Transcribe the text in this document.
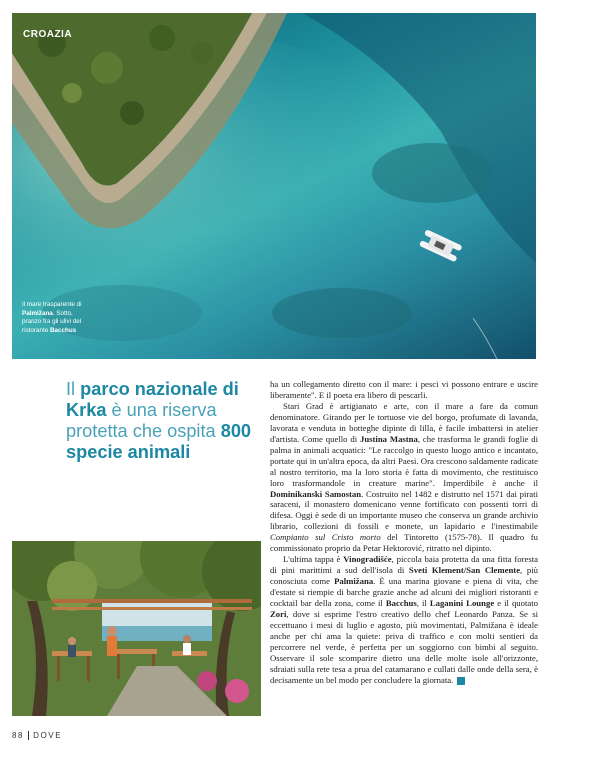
CROAZIA
Il mare trasparente di Palmižana. Sotto, pranzo fra gli ulivi del ristorante Bacchus
Il parco nazionale di Krka è una riserva protetta che ospita 800 specie animali

ha un collegamento diretto con il mare: i pesci vi possono entrare e uscire liberamente". E il poeta era libero di pescarli.

Stari Grad è artigianato e arte, con il mare a fare da comun denominatore. Girando per le tortuose vie del borgo, profumate di lavanda, lavorata e venduta in botteghe dipinte di lilla, è facile imbattersi in atelier d'artista. Come quello di Justina Mastna, che trasforma le grandi foglie di palma in animali acquatici: "Le raccolgo in questo luogo antico e incantato, portate qui in un'altra epoca, da altri Paesi. Ora crescono saldamente radicate al nostro territorio, ma la loro storia è fatta di movimento, che restituisco loro trasformandole in creature marine". Imperdibile è anche il Dominikanski Samostan. Costruito nel 1482 e distrutto nel 1571 dai pirati saraceni, il monastero domenicano venne fortificato con possenti torri di difesa. Oggi è sede di un importante museo che conserva un grande archivio librario, collezioni di fossili e monete, un lapidario e l'inestimabile Compianto sul Cristo morto del Tintoretto (1575-78). Il quadro fu commissionato proprio da Petar Hektorović, ritratto nel dipinto.

L'ultima tappa è Vinogradišće, piccola baia protetta da una fitta foresta di pini marittimi a sud dell'isola di Sveti Klement/San Clemente, più conosciuta come Palmižana. È una marina giovane e piena di vita, che d'estate si riempie di barche grazie anche ad alcuni dei migliori ristoranti e cocktail bar della zona, come il Bacchus, il Laganini Lounge e il quotato Zori, dove si esprime l'estro creativo dello chef Leonardo Panza. Se si eccettuano i mesi di luglio e agosto, più movimentati, Palmižana è ideale anche per chi ama la quiete: priva di traffico e con molti sentieri da percorrere nel verde, è perfetta per un soggiorno con bimbi al seguito. Osservare il sole scomparire dietro una delle molte isole all'orizzonte, sdraiati sulla rete tesa a prua del catamarano e cullati dalle onde della sera, è decisamente un bel modo per concludere la giornata.	D

88 DOVE
